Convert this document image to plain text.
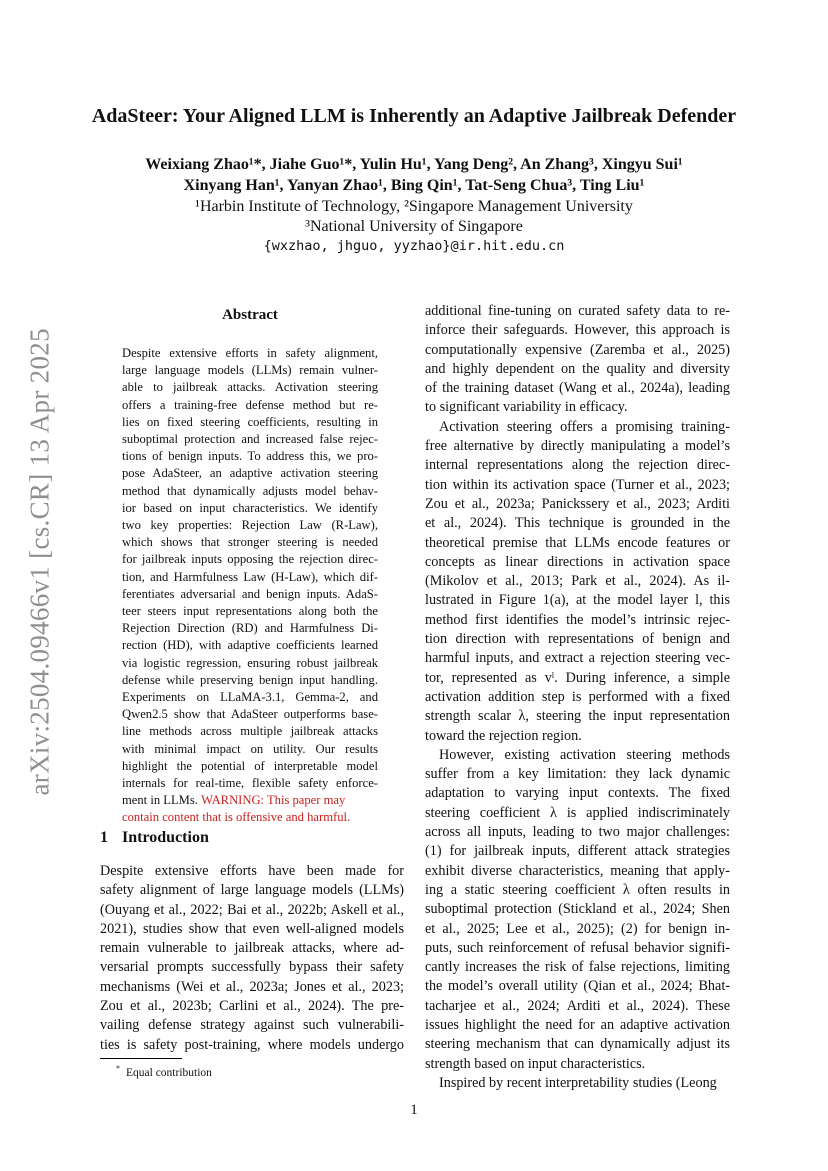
arXiv:2504.09466v1 [cs.CR] 13 Apr 2025
AdaSteer: Your Aligned LLM is Inherently an Adaptive Jailbreak Defender
Weixiang Zhao¹*, Jiahe Guo¹*, Yulin Hu¹, Yang Deng², An Zhang³, Xingyu Sui¹
Xinyang Han¹, Yanyan Zhao¹, Bing Qin¹, Tat-Seng Chua³, Ting Liu¹
¹Harbin Institute of Technology, ²Singapore Management University
³National University of Singapore
{wxzhao, jhguo, yyzhao}@ir.hit.edu.cn
Abstract
Despite extensive efforts in safety alignment,
large language models (LLMs) remain vulner-
able to jailbreak attacks. Activation steering
offers a training-free defense method but re-
lies on fixed steering coefficients, resulting in
suboptimal protection and increased false rejec-
tions of benign inputs. To address this, we pro-
pose AdaSteer, an adaptive activation steering
method that dynamically adjusts model behav-
ior based on input characteristics. We identify
two key properties: Rejection Law (R-Law),
which shows that stronger steering is needed
for jailbreak inputs opposing the rejection direc-
tion, and Harmfulness Law (H-Law), which dif-
ferentiates adversarial and benign inputs. AdaS-
teer steers input representations along both the
Rejection Direction (RD) and Harmfulness Di-
rection (HD), with adaptive coefficients learned
via logistic regression, ensuring robust jailbreak
defense while preserving benign input handling.
Experiments on LLaMA-3.1, Gemma-2, and
Qwen2.5 show that AdaSteer outperforms base-
line methods across multiple jailbreak attacks
with minimal impact on utility. Our results
highlight the potential of interpretable model
internals for real-time, flexible safety enforce-
ment in LLMs.
WARNING: This paper may
contain content that is offensive and harmful.
1 Introduction
Despite extensive efforts have been made for
safety alignment of large language models (LLMs)
(Ouyang et al., 2022; Bai et al., 2022b; Askell et al.,
2021), studies show that even well-aligned models
remain vulnerable to jailbreak attacks, where ad-
versarial prompts successfully bypass their safety
mechanisms (Wei et al., 2023a; Jones et al., 2023;
Zou et al., 2023b; Carlini et al., 2024). The pre-
vailing defense strategy against such vulnerabili-
ties is safety post-training, where models undergo
* Equal contribution
additional fine-tuning on curated safety data to re-
inforce their safeguards. However, this approach is
computationally expensive (Zaremba et al., 2025)
and highly dependent on the quality and diversity
of the training dataset (Wang et al., 2024a), leading
to significant variability in efficacy.
Activation steering offers a promising training-
free alternative by directly manipulating a model’s
internal representations along the rejection direc-
tion within its activation space (Turner et al., 2023;
Zou et al., 2023a; Panickssery et al., 2023; Arditi
et al., 2024). This technique is grounded in the
theoretical premise that LLMs encode features or
concepts as linear directions in activation space
(Mikolov et al., 2013; Park et al., 2024). As il-
lustrated in Figure 1(a), at the model layer l, this
method first identifies the model’s intrinsic rejec-
tion direction with representations of benign and
harmful inputs, and extract a rejection steering vec-
tor, represented as vˡ. During inference, a simple
activation addition step is performed with a fixed
strength scalar λ, steering the input representation
toward the rejection region.
However, existing activation steering methods
suffer from a key limitation: they lack dynamic
adaptation to varying input contexts. The fixed
steering coefficient λ is applied indiscriminately
across all inputs, leading to two major challenges:
(1) for jailbreak inputs, different attack strategies
exhibit diverse characteristics, meaning that apply-
ing a static steering coefficient λ often results in
suboptimal protection (Stickland et al., 2024; Shen
et al., 2025; Lee et al., 2025); (2) for benign in-
puts, such reinforcement of refusal behavior signifi-
cantly increases the risk of false rejections, limiting
the model’s overall utility (Qian et al., 2024; Bhat-
tacharjee et al., 2024; Arditi et al., 2024). These
issues highlight the need for an adaptive activation
steering mechanism that can dynamically adjust its
strength based on input characteristics.
Inspired by recent interpretability studies (Leong
1
